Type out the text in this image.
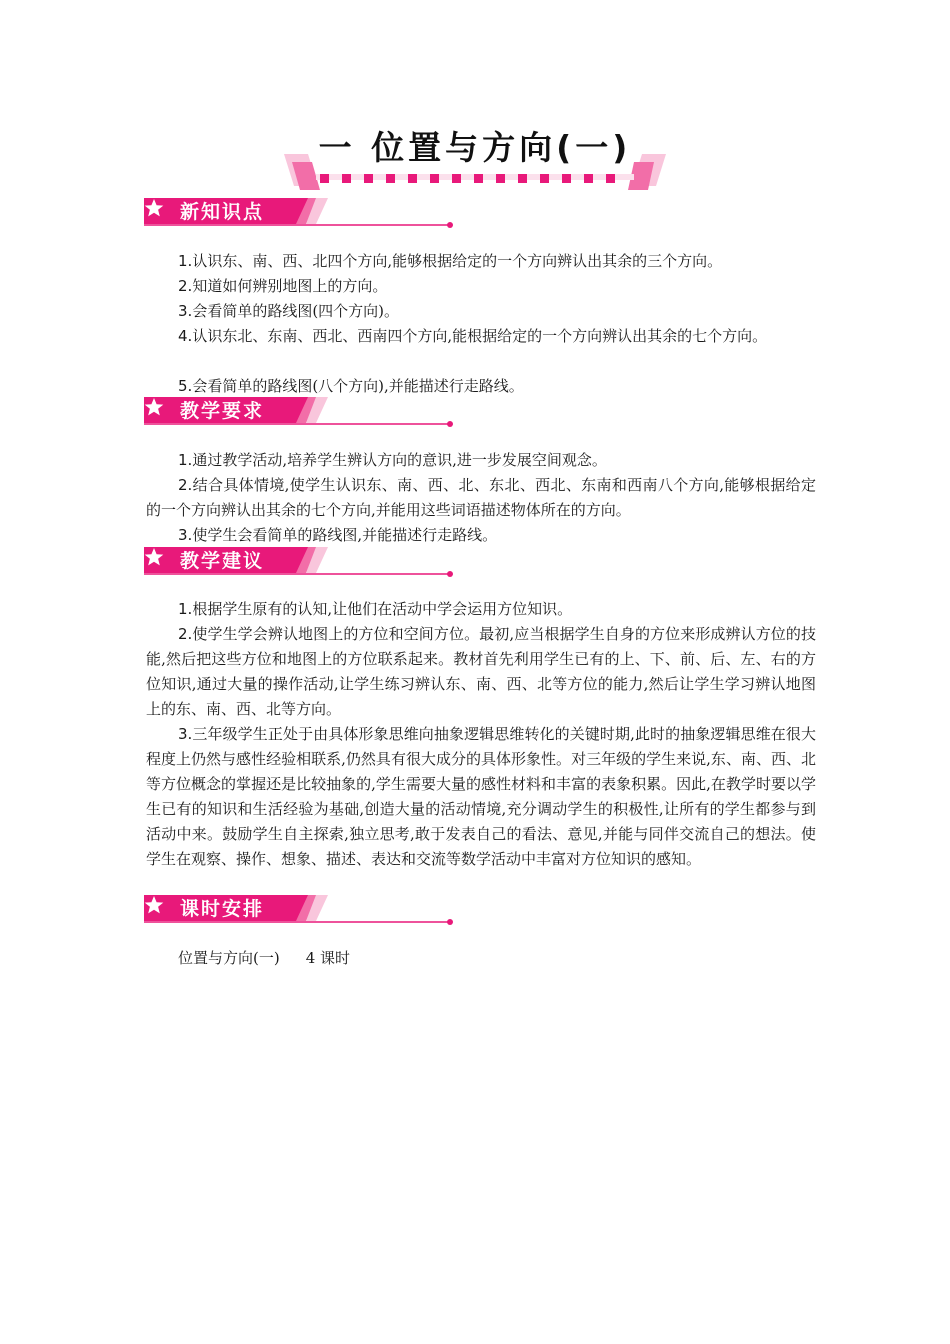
一 位置与方向(一)
新知识点

1.认识东、南、西、北四个方向,能够根据给定的一个方向辨认出其余的三个方向。

2.知道如何辨别地图上的方向。

3.会看简单的路线图(四个方向)。

4.认识东北、东南、西北、西南四个方向,能根据给定的一个方向辨认出其余的七个方向。

5.会看简单的路线图(八个方向),并能描述行走路线。

教学要求

1.通过教学活动,培养学生辨认方向的意识,进一步发展空间观念。

2.结合具体情境,使学生认识东、南、西、北、东北、西北、东南和西南八个方向,能够根据给定的一个方向辨认出其余的七个方向,并能用这些词语描述物体所在的方向。

3.使学生会看简单的路线图,并能描述行走路线。

教学建议

1.根据学生原有的认知,让他们在活动中学会运用方位知识。

2.使学生学会辨认地图上的方位和空间方位。最初,应当根据学生自身的方位来形成辨认方位的技能,然后把这些方位和地图上的方位联系起来。教材首先利用学生已有的上、下、前、后、左、右的方位知识,通过大量的操作活动,让学生练习辨认东、南、西、北等方位的能力,然后让学生学习辨认地图上的东、南、西、北等方向。

3.三年级学生正处于由具体形象思维向抽象逻辑思维转化的关键时期,此时的抽象逻辑思维在很大程度上仍然与感性经验相联系,仍然具有很大成分的具体形象性。对三年级的学生来说,东、南、西、北等方位概念的掌握还是比较抽象的,学生需要大量的感性材料和丰富的表象积累。因此,在教学时要以学生已有的知识和生活经验为基础,创造大量的活动情境,充分调动学生的积极性,让所有的学生都参与到活动中来。鼓励学生自主探索,独立思考,敢于发表自己的看法、意见,并能与同伴交流自己的想法。使学生在观察、操作、想象、描述、表达和交流等数学活动中丰富对方位知识的感知。

课时安排
位置与方向(一) 4 课时
